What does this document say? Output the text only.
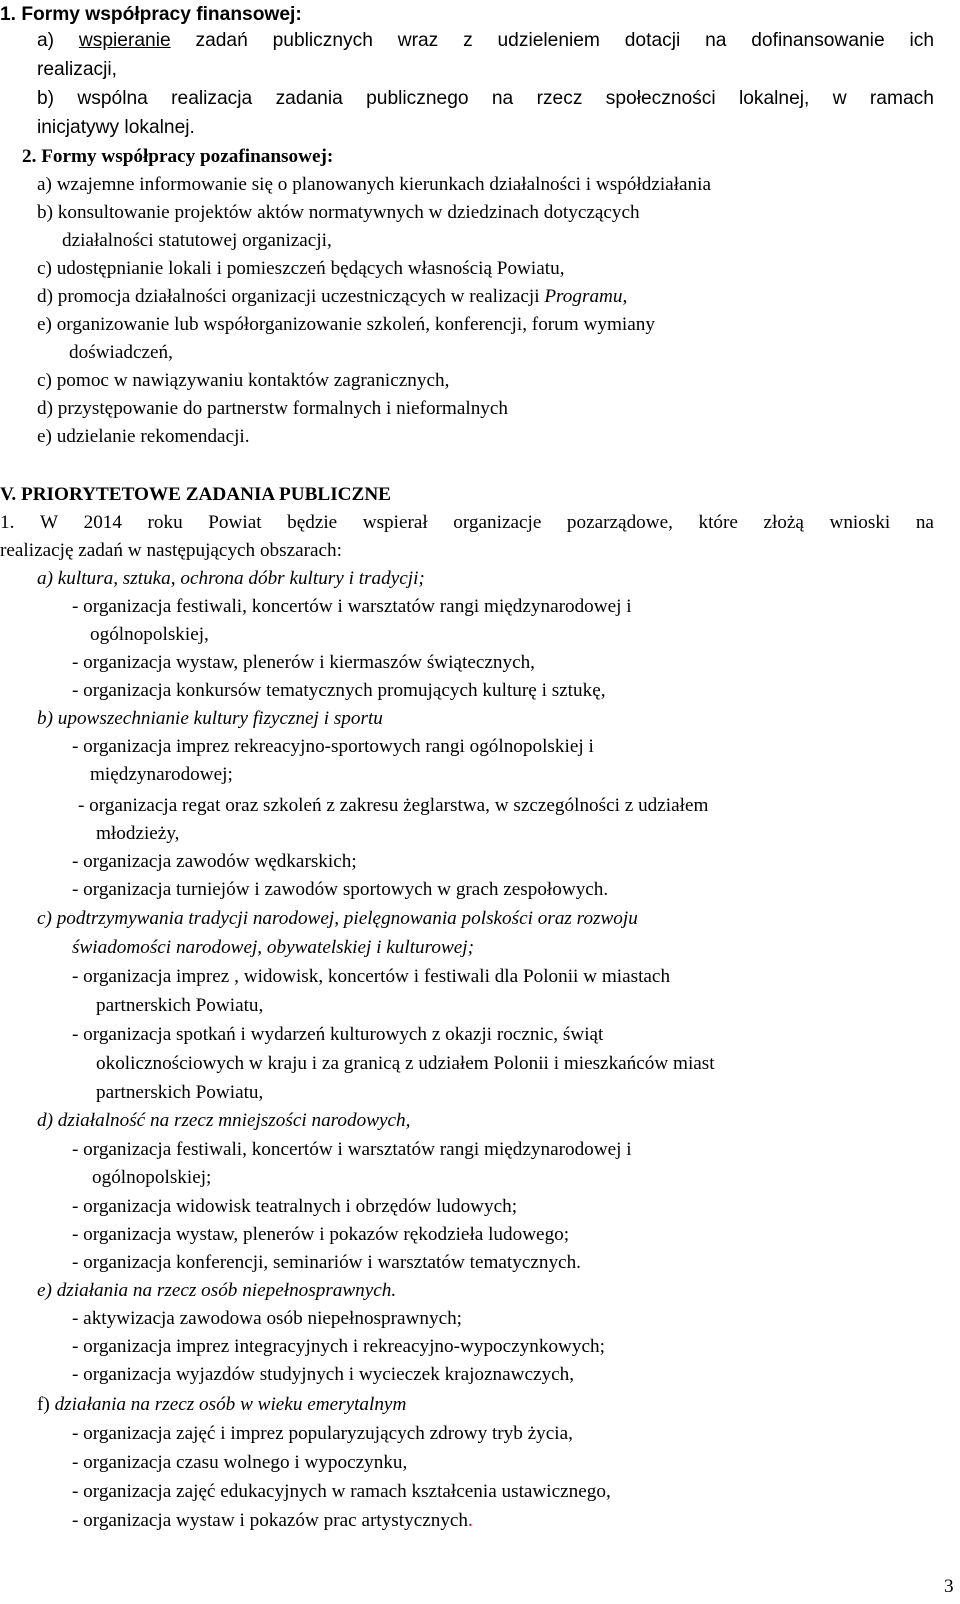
1. Formy współpracy finansowej:
a) wspieranie zadań publicznych wraz z udzieleniem dotacji na dofinansowanie ich
realizacji,
b) wspólna realizacja zadania publicznego na rzecz społeczności lokalnej, w ramach
inicjatywy lokalnej.
2. Formy współpracy pozafinansowej:
a) wzajemne informowanie się o planowanych kierunkach działalności i współdziałania
b) konsultowanie projektów aktów normatywnych w dziedzinach dotyczących
działalności statutowej organizacji,
c) udostępnianie lokali i pomieszczeń będących własnością Powiatu,
d) promocja działalności organizacji uczestniczących w realizacji Programu,
e) organizowanie lub współorganizowanie szkoleń, konferencji, forum wymiany
doświadczeń,
c) pomoc w nawiązywaniu kontaktów zagranicznych,
d) przystępowanie do partnerstw formalnych i nieformalnych
e) udzielanie rekomendacji.
V. PRIORYTETOWE ZADANIA PUBLICZNE
1. W 2014 roku Powiat będzie wspierał organizacje pozarządowe, które złożą wnioski na
realizację zadań w następujących obszarach:
a) kultura, sztuka, ochrona dóbr kultury i tradycji;
- organizacja festiwali, koncertów i warsztatów rangi międzynarodowej i
ogólnopolskiej,
- organizacja wystaw, plenerów i kiermaszów świątecznych,
- organizacja konkursów tematycznych promujących kulturę i sztukę,
b) upowszechnianie kultury fizycznej i sportu
- organizacja imprez rekreacyjno-sportowych rangi ogólnopolskiej i
międzynarodowej;
- organizacja regat oraz szkoleń z zakresu żeglarstwa, w szczególności z udziałem
młodzieży,
- organizacja zawodów wędkarskich;
- organizacja turniejów i zawodów sportowych w grach zespołowych.
c) podtrzymywania tradycji narodowej, pielęgnowania polskości oraz rozwoju
świadomości narodowej, obywatelskiej i kulturowej;
- organizacja imprez , widowisk, koncertów i festiwali dla Polonii w miastach
partnerskich Powiatu,
- organizacja spotkań i wydarzeń kulturowych z okazji rocznic, świąt
okolicznościowych w kraju i za granicą z udziałem Polonii i mieszkańców miast
partnerskich Powiatu,
d) działalność na rzecz mniejszości narodowych,
- organizacja festiwali, koncertów i warsztatów rangi międzynarodowej i
ogólnopolskiej;
- organizacja widowisk teatralnych i obrzędów ludowych;
- organizacja wystaw, plenerów i pokazów rękodzieła ludowego;
- organizacja konferencji, seminariów i warsztatów tematycznych.
e) działania na rzecz osób niepełnosprawnych.
- aktywizacja zawodowa osób niepełnosprawnych;
- organizacja imprez integracyjnych i rekreacyjno-wypoczynkowych;
- organizacja wyjazdów studyjnych i wycieczek krajoznawczych,
f) działania na rzecz osób w wieku emerytalnym
- organizacja zajęć i imprez popularyzujących zdrowy tryb życia,
- organizacja czasu wolnego i wypoczynku,
- organizacja zajęć edukacyjnych w ramach kształcenia ustawicznego,
- organizacja wystaw i pokazów prac artystycznych.
3
